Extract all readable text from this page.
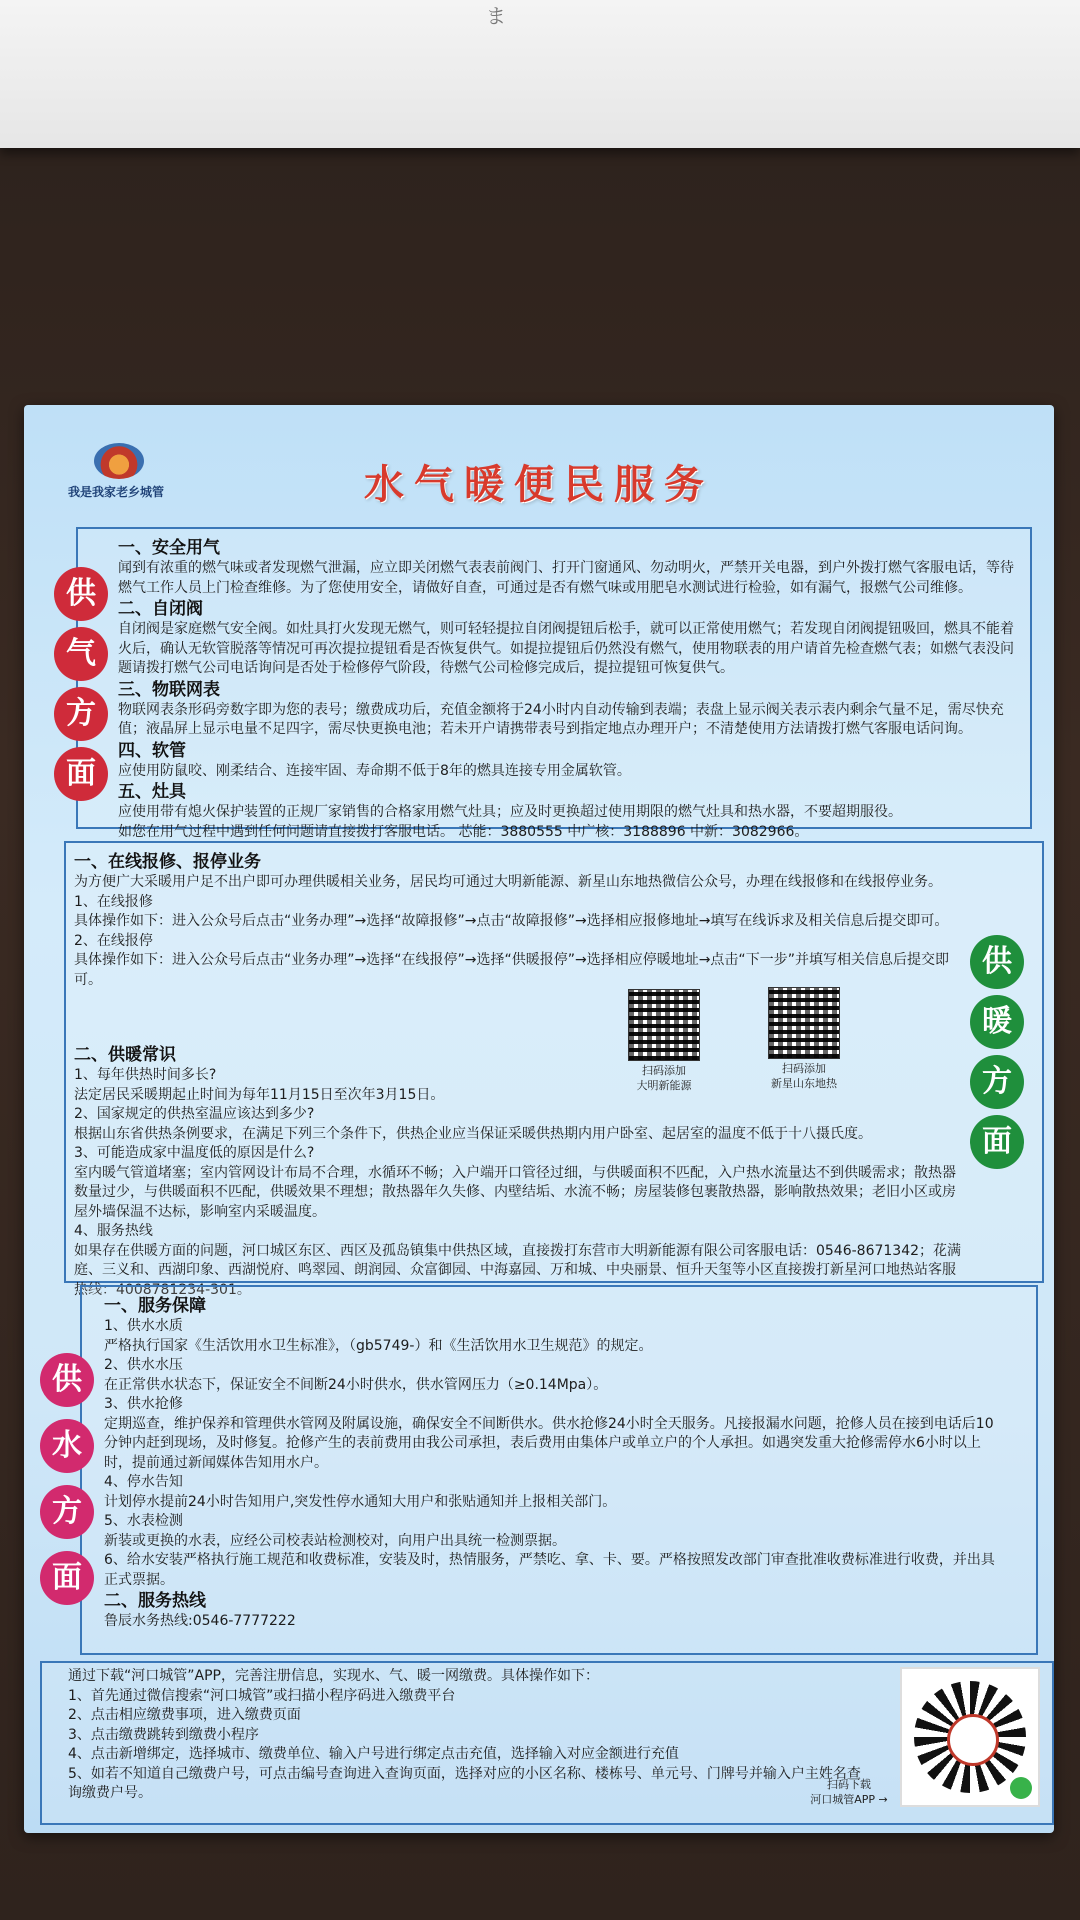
ま
我是我家老乡城管	水气暖便民服务
供
气
方
面
一、安全用气
闻到有浓重的燃气味或者发现燃气泄漏，应立即关闭燃气表表前阀门、打开门窗通风、勿动明火，严禁开关电器，到户外拨打燃气客服电话，等待燃气工作人员上门检查维修。为了您使用安全，请做好自查，可通过是否有燃气味或用肥皂水测试进行检验，如有漏气，报燃气公司维修。
二、自闭阀
自闭阀是家庭燃气安全阀。如灶具打火发现无燃气，则可轻轻提拉自闭阀提钮后松手，就可以正常使用燃气；若发现自闭阀提钮吸回，燃具不能着火后，确认无软管脱落等情况可再次提拉提钮看是否恢复供气。如提拉提钮后仍然没有燃气，使用物联表的用户请首先检查燃气表；如燃气表没问题请拨打燃气公司电话询问是否处于检修停气阶段，待燃气公司检修完成后，提拉提钮可恢复供气。
三、物联网表
物联网表条形码旁数字即为您的表号；缴费成功后，充值金额将于24小时内自动传输到表端；表盘上显示阀关表示表内剩余气量不足，需尽快充值；液晶屏上显示电量不足四字，需尽快更换电池；若未开户请携带表号到指定地点办理开户；不清楚使用方法请拨打燃气客服电话问询。
四、软管
应使用防鼠咬、刚柔结合、连接牢固、寿命期不低于8年的燃具连接专用金属软管。
五、灶具
应使用带有熄火保护装置的正规厂家销售的合格家用燃气灶具；应及时更换超过使用期限的燃气灶具和热水器，不要超期服役。
如您在用气过程中遇到任何问题请直接拨打客服电话。 芯能：3880555 中广核：3188896 中新：3082966。
供
暖
方
面
一、在线报修、报停业务
为方便广大采暖用户足不出户即可办理供暖相关业务，居民均可通过大明新能源、新星山东地热微信公众号，办理在线报修和在线报停业务。
1、在线报修
具体操作如下：进入公众号后点击“业务办理”→选择“故障报修”→点击“故障报修”→选择相应报修地址→填写在线诉求及相关信息后提交即可。
2、在线报停
具体操作如下：进入公众号后点击“业务办理”→选择“在线报停”→选择“供暖报停”→选择相应停暖地址→点击“下一步”并填写相关信息后提交即可。
二、供暖常识
1、每年供热时间多长?
法定居民采暖期起止时间为每年11月15日至次年3月15日。
2、国家规定的供热室温应该达到多少?
根据山东省供热条例要求，在满足下列三个条件下，供热企业应当保证采暖供热期内用户卧室、起居室的温度不低于十八摄氏度。
3、可能造成家中温度低的原因是什么?
室内暖气管道堵塞；室内管网设计布局不合理，水循环不畅；入户端开口管径过细，与供暖面积不匹配，入户热水流量达不到供暖需求；散热器数量过少，与供暖面积不匹配，供暖效果不理想；散热器年久失修、内壁结垢、水流不畅；房屋装修包裹散热器，影响散热效果；老旧小区或房屋外墙保温不达标，影响室内采暖温度。
4、服务热线
如果存在供暖方面的问题，河口城区东区、西区及孤岛镇集中供热区域，直接拨打东营市大明新能源有限公司客服电话：0546-8671342；花满庭、三义和、西湖印象、西湖悦府、鸣翠园、朗润园、众富御园、中海嘉园、万和城、中央丽景、恒升天玺等小区直接拨打新星河口地热站客服热线：4008781234-301。
扫码添加
大明新能源
扫码添加
新星山东地热
供
水
方
面
一、服务保障
1、供水水质
严格执行国家《生活饮用水卫生标准》，（gb5749-）和《生活饮用水卫生规范》的规定。
2、供水水压
在正常供水状态下，保证安全不间断24小时供水，供水管网压力（≥0.14Mpa）。
3、供水抢修
定期巡查，维护保养和管理供水管网及附属设施，确保安全不间断供水。供水抢修24小时全天服务。凡接报漏水问题，抢修人员在接到电话后10分钟内赶到现场，及时修复。抢修产生的表前费用由我公司承担，表后费用由集体户或单立户的个人承担。如遇突发重大抢修需停水6小时以上时，提前通过新闻媒体告知用水户。
4、停水告知
计划停水提前24小时告知用户,突发性停水通知大用户和张贴通知并上报相关部门。
5、水表检测
新装或更换的水表，应经公司校表站检测校对，向用户出具统一检测票据。
6、给水安装严格执行施工规范和收费标准，安装及时，热情服务，严禁吃、拿、卡、要。严格按照发改部门审查批准收费标准进行收费，并出具正式票据。
二、服务热线
鲁辰水务热线:0546-7777222
通过下载“河口城管”APP，完善注册信息，实现水、气、暖一网缴费。具体操作如下：
1、首先通过微信搜索“河口城管”或扫描小程序码进入缴费平台
2、点击相应缴费事项，进入缴费页面
3、点击缴费跳转到缴费小程序
4、点击新增绑定，选择城市、缴费单位、输入户号进行绑定点击充值，选择输入对应金额进行充值
5、如若不知道自己缴费户号，可点击编号查询进入查询页面，选择对应的小区名称、楼栋号、单元号、门牌号并输入户主姓名查询缴费户号。
扫码下载
河口城管APP →
